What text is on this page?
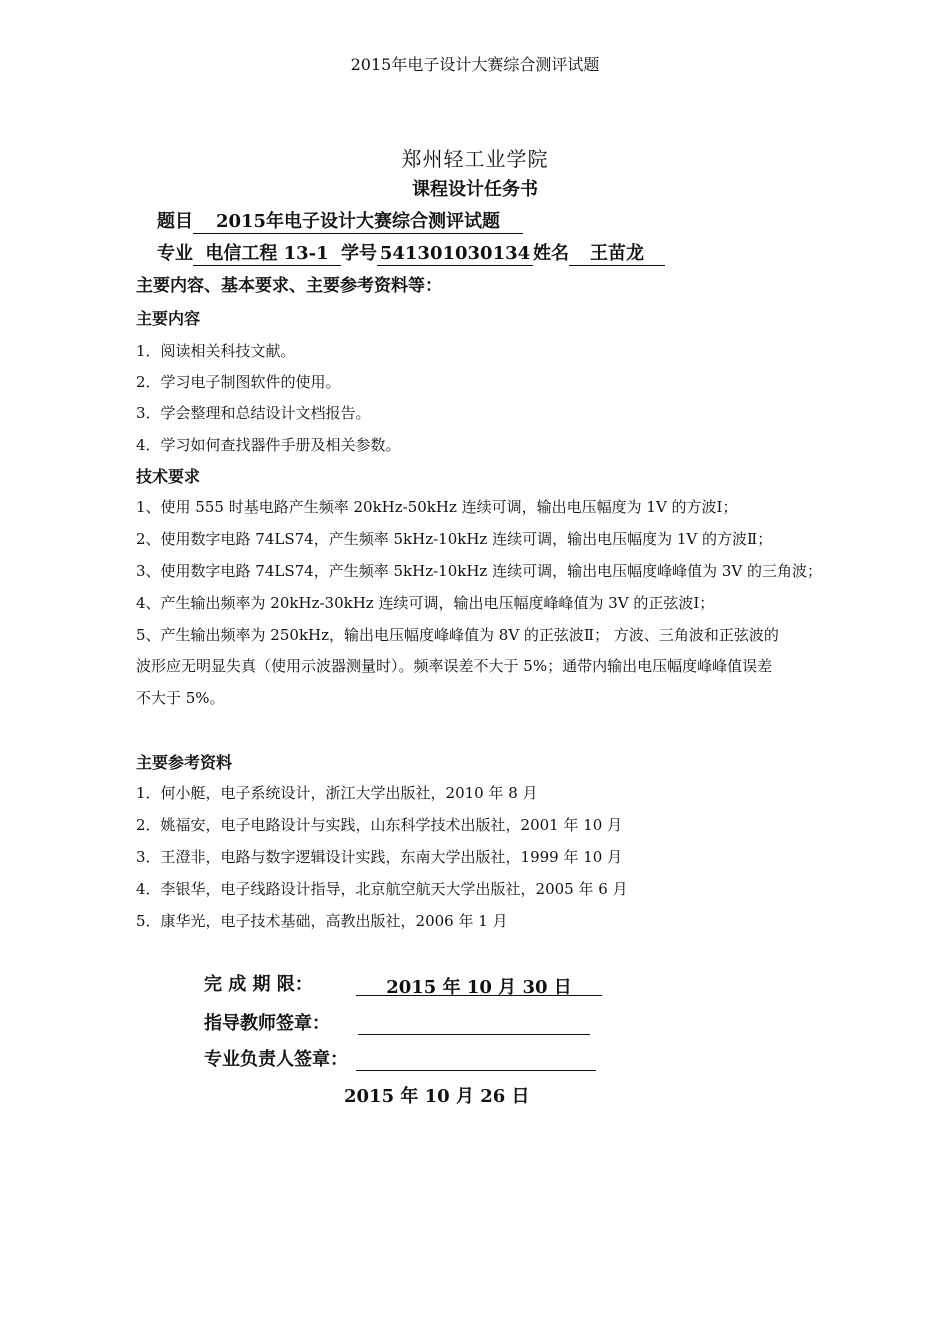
2015年电子设计大赛综合测评试题
郑州轻工业学院
课程设计任务书
题目 2015年电子设计大赛综合测评试题
专业 电信工程 13-1 学号 541301030134 姓名 王苗龙
主要内容、基本要求、主要参考资料等：
主要内容
1．阅读相关科技文献。
2．学习电子制图软件的使用。
3．学会整理和总结设计文档报告。
4．学习如何查找器件手册及相关参数。
技术要求
1、使用 555 时基电路产生频率 20kHz-50kHz 连续可调，输出电压幅度为 1V 的方波Ⅰ；
2、使用数字电路 74LS74，产生频率 5kHz-10kHz 连续可调，输出电压幅度为 1V 的方波Ⅱ；
3、使用数字电路 74LS74，产生频率 5kHz-10kHz 连续可调，输出电压幅度峰峰值为 3V 的三角波；
4、产生输出频率为 20kHz-30kHz 连续可调，输出电压幅度峰峰值为 3V 的正弦波Ⅰ；
5、产生输出频率为 250kHz，输出电压幅度峰峰值为 8V 的正弦波Ⅱ； 方波、三角波和正弦波的
波形应无明显失真（使用示波器测量时）。频率误差不大于 5%；通带内输出电压幅度峰峰值误差
不大于 5%。
主要参考资料
1．何小艇，电子系统设计，浙江大学出版社，2010 年 8 月
2．姚福安，电子电路设计与实践，山东科学技术出版社，2001 年 10 月
3．王澄非，电路与数字逻辑设计实践，东南大学出版社，1999 年 10 月
4．李银华，电子线路设计指导，北京航空航天大学出版社，2005 年 6 月
5．康华光，电子技术基础，高教出版社，2006 年 1 月
完 成 期 限：	2015 年 10 月 30 日
指导教师签章：
专业负责人签章：
2015 年 10 月 26 日
